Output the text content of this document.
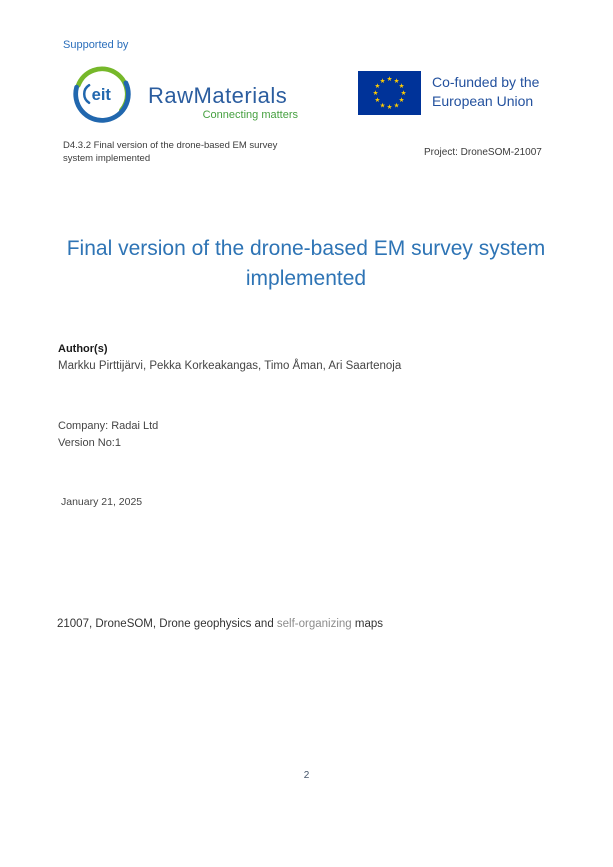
Supported by
eit RawMaterials
Connecting matters
★ ★
★
★
★
★
★
★
★
★
★
★	Co-funded by the European Union
D4.3.2 Final version of the drone-based EM survey system implemented
Project: DroneSOM-21007
Final version of the drone-based EM survey system implemented
Author(s)
Markku Pirttijärvi, Pekka Korkeakangas, Timo Åman, Ari Saartenoja
Company: Radai Ltd
Version No:1
January 21, 2025
21007, DroneSOM, Drone geophysics and self-organizing maps
2
